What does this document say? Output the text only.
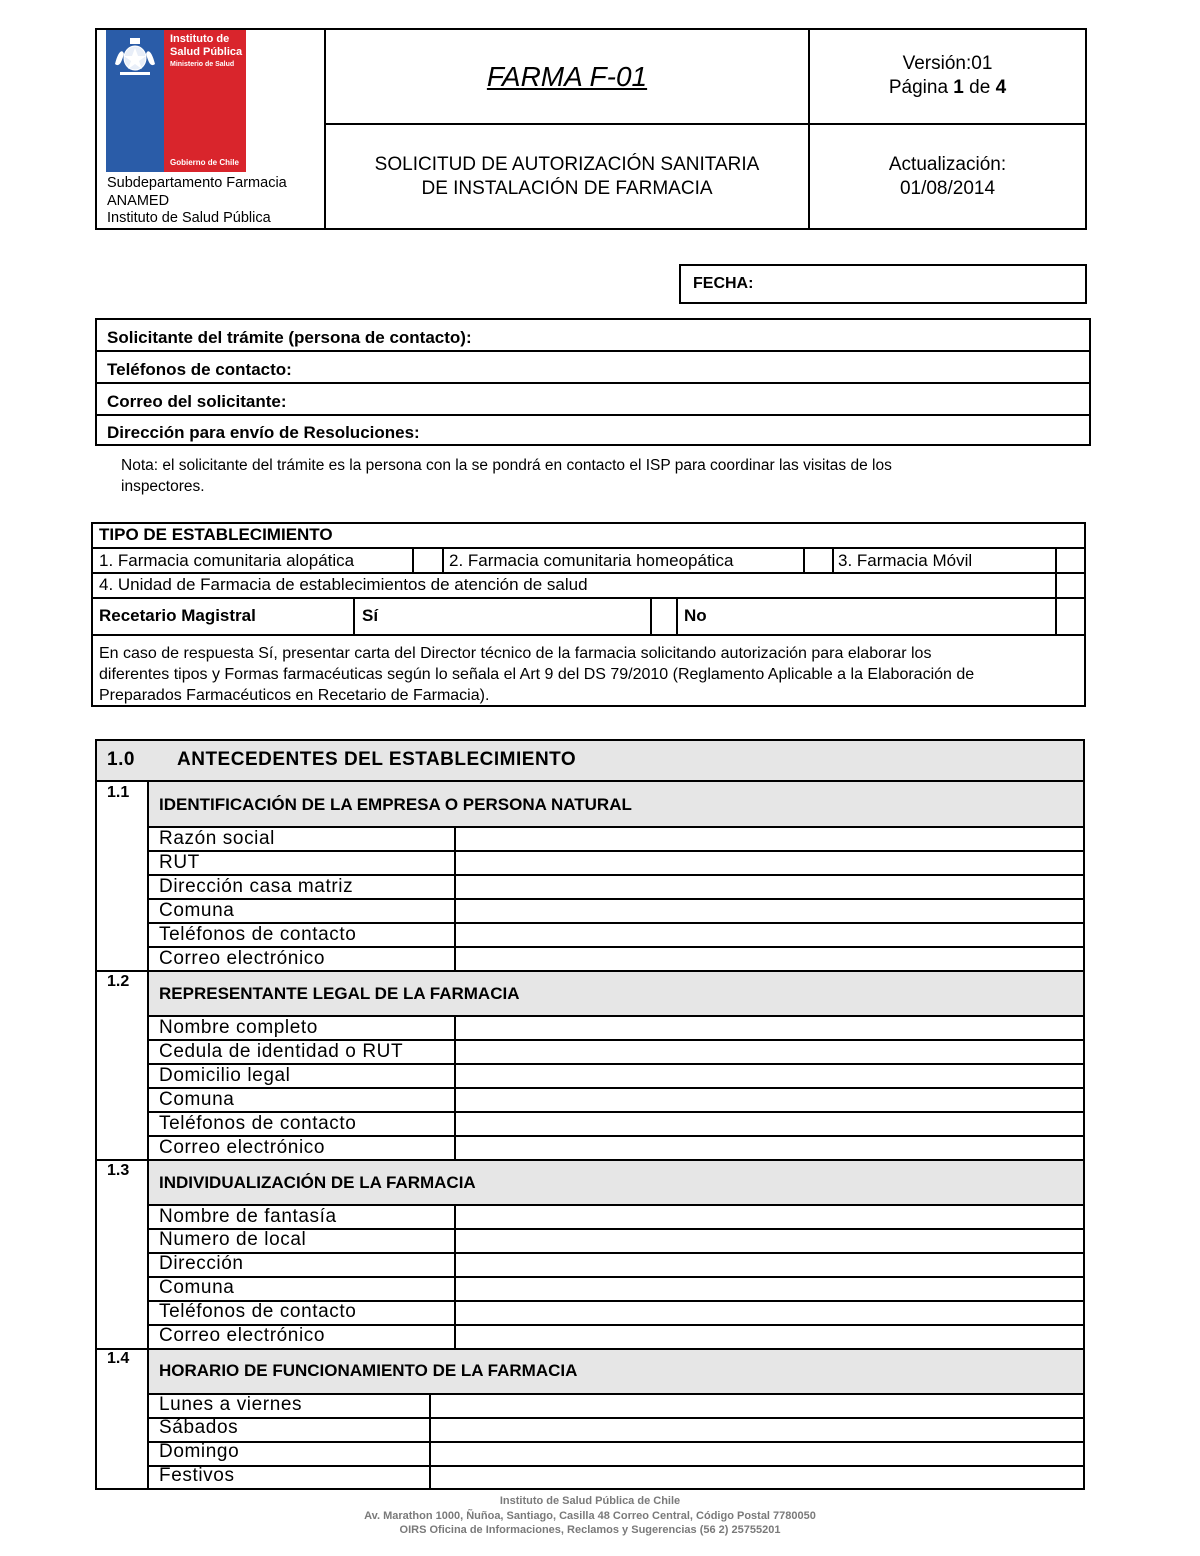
Instituto de
Salud Pública
Ministerio de Salud
Gobierno de Chile
Subdepartamento Farmacia
ANAMED
Instituto de Salud Pública
FARMA F-01	Versión:01
Página 1 de 4
SOLICITUD DE AUTORIZACIÓN SANITARIA
DE INSTALACIÓN DE FARMACIA
Actualización:
01/08/2014
FECHA:
Solicitante del trámite (persona de contacto):
Teléfonos de contacto:
Correo del solicitante:
Dirección para envío de Resoluciones:
Nota: el solicitante del trámite es la persona con la se pondrá en contacto el ISP para coordinar las visitas de los
inspectores.
TIPO DE ESTABLECIMIENTO
1. Farmacia comunitaria alopática	2. Farmacia comunitaria homeopática	3. Farmacia Móvil
4. Unidad de Farmacia de establecimientos de atención de salud
Recetario Magistral	Sí	No
En caso de respuesta Sí, presentar carta del Director técnico de la farmacia solicitando autorización para elaborar los
diferentes tipos y Formas farmacéuticas según lo señala el Art 9 del DS 79/2010 (Reglamento Aplicable a la Elaboración de
Preparados Farmacéuticos en Recetario de Farmacia).
1.0 ANTECEDENTES DEL ESTABLECIMIENTO
1.1
IDENTIFICACIÓN DE LA EMPRESA O PERSONA NATURAL
Razón social
RUT
Dirección casa matriz
Comuna
Teléfonos de contacto
Correo electrónico
1.2
REPRESENTANTE LEGAL DE LA FARMACIA
Nombre completo
Cedula de identidad o RUT
Domicilio legal
Comuna
Teléfonos de contacto
Correo electrónico
1.3
INDIVIDUALIZACIÓN DE LA FARMACIA
Nombre de fantasía
Numero de local
Dirección
Comuna
Teléfonos de contacto
Correo electrónico
1.4
HORARIO DE FUNCIONAMIENTO DE LA FARMACIA
Lunes a viernes
Sábados
Domingo
Festivos
Instituto de Salud Pública de Chile
Av. Marathon 1000, Ñuñoa, Santiago, Casilla 48 Correo Central, Código Postal 7780050
OIRS Oficina de Informaciones, Reclamos y Sugerencias (56 2) 25755201
